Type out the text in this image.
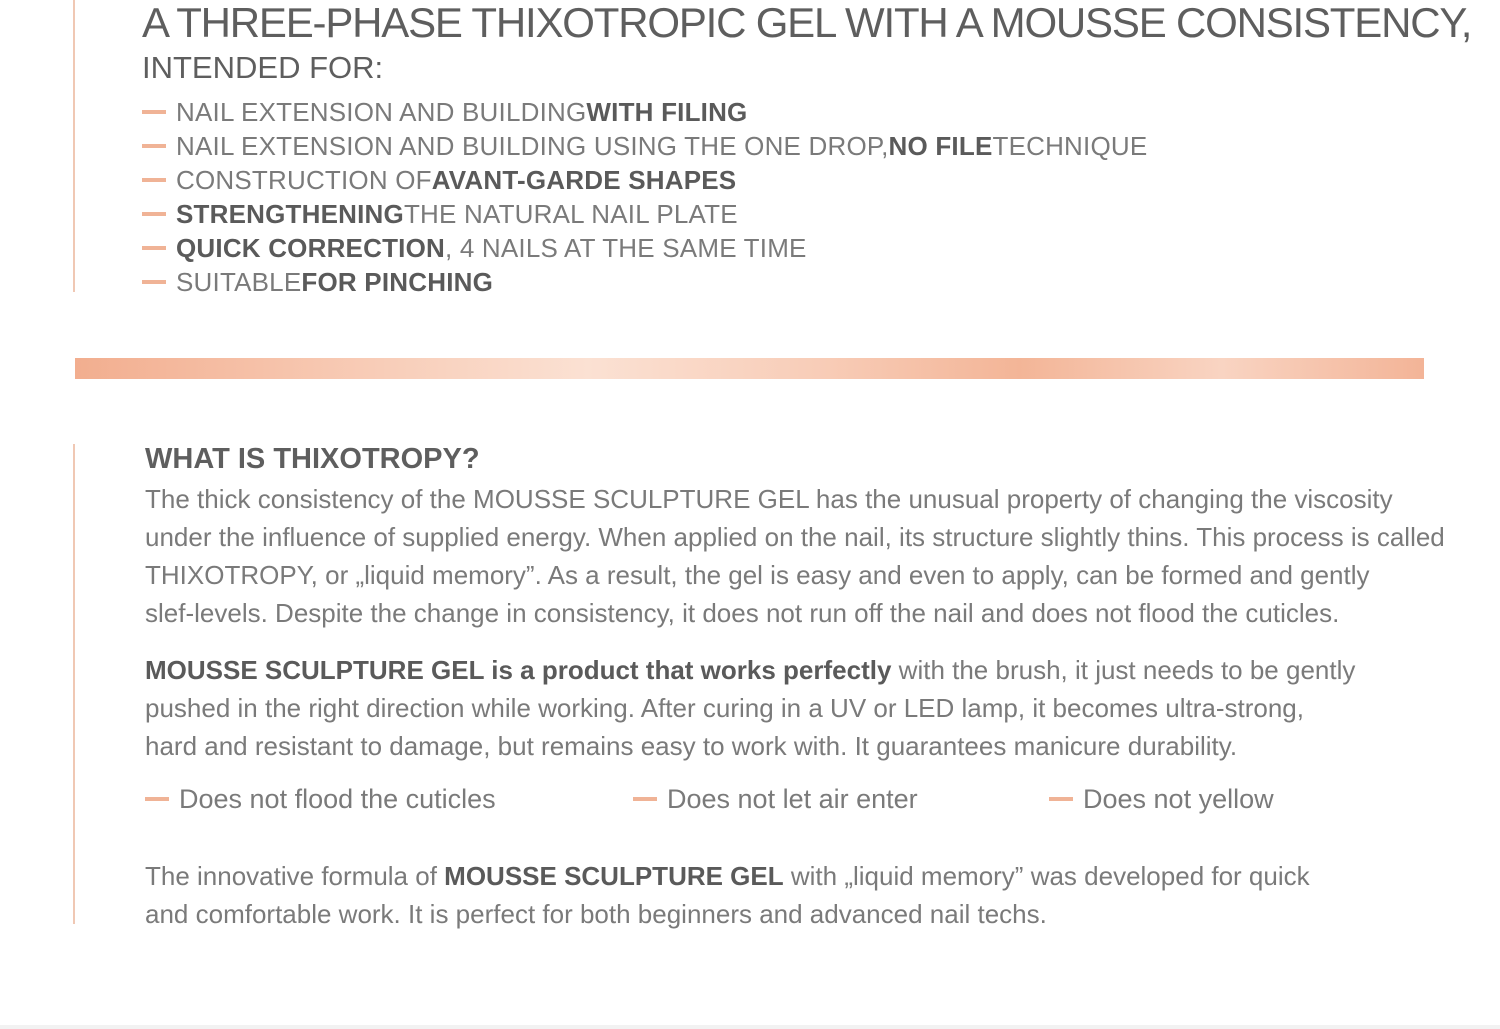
A THREE-PHASE THIXOTROPIC GEL WITH A MOUSSE CONSISTENCY,
INTENDED FOR:
NAIL EXTENSION AND BUILDING WITH FILING
NAIL EXTENSION AND BUILDING USING THE ONE DROP, NO FILE TECHNIQUE
CONSTRUCTION OF AVANT-GARDE SHAPES
STRENGTHENING THE NATURAL NAIL PLATE
QUICK CORRECTION , 4 NAILS AT THE SAME TIME
SUITABLE FOR PINCHING
WHAT IS THIXOTROPY?
The thick consistency of the MOUSSE SCULPTURE GEL has the unusual property of changing the viscosity
under the influence of supplied energy. When applied on the nail, its structure slightly thins. This process is called
THIXOTROPY, or „liquid memory”. As a result, the gel is easy and even to apply, can be formed and gently
slef-levels. Despite the change in consistency, it does not run off the nail and does not flood the cuticles.
MOUSSE SCULPTURE GEL is a product that works perfectly with the brush, it just needs to be gently
pushed in the right direction while working. After curing in a UV or LED lamp, it becomes ultra-strong,
hard and resistant to damage, but remains easy to work with. It guarantees manicure durability.
Does not flood the cuticles	Does not let air enter	Does not yellow
The innovative formula of MOUSSE SCULPTURE GEL with „liquid memory” was developed for quick
and comfortable work. It is perfect for both beginners and advanced nail techs.
